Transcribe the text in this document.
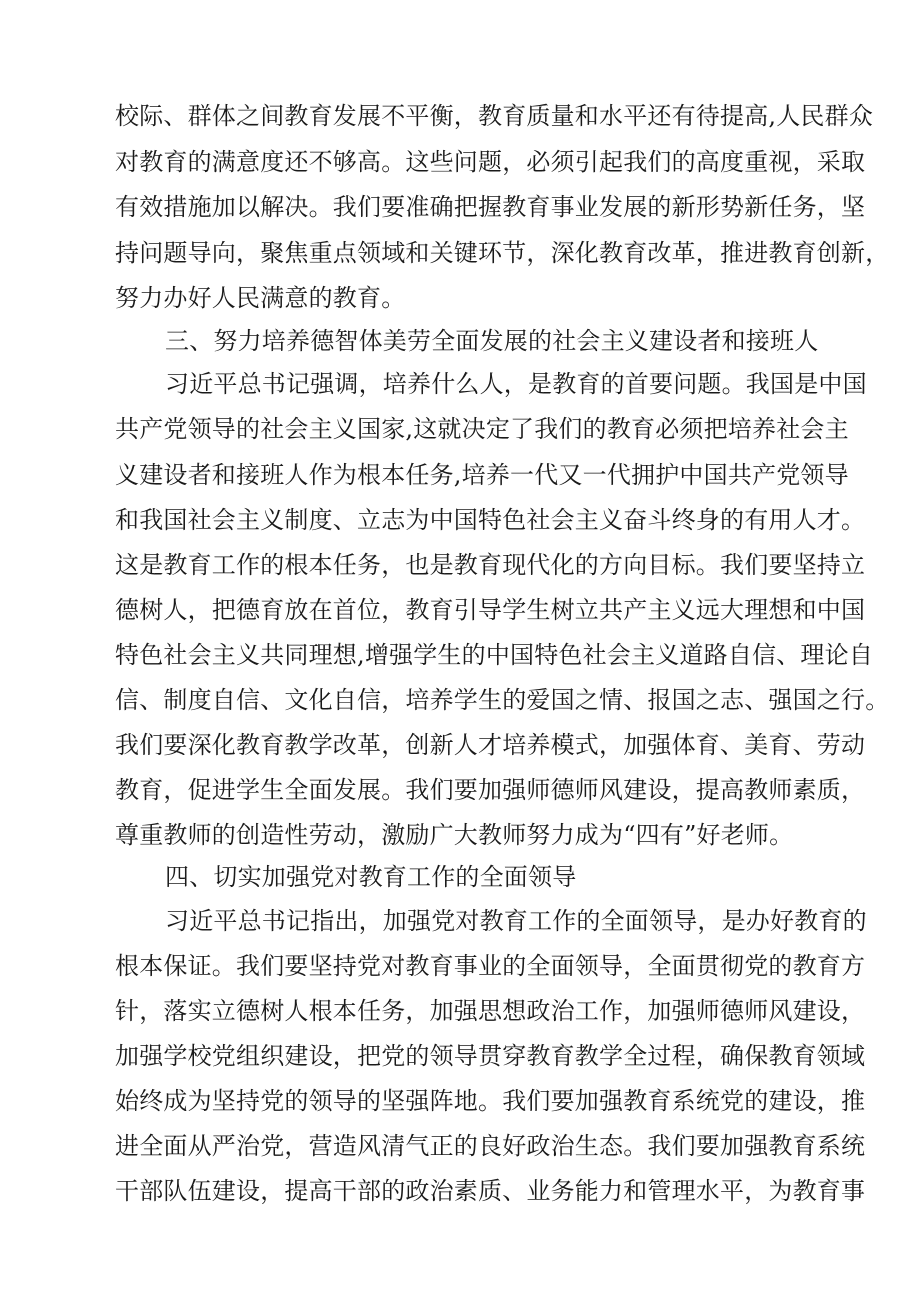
校际、群体之间教育发展不平衡，教育质量和水平还有待提高,人民群众
对教育的满意度还不够高。这些问题，必须引起我们的高度重视，采取
有效措施加以解决。我们要准确把握教育事业发展的新形势新任务，坚
持问题导向，聚焦重点领域和关键环节，深化教育改革，推进教育创新，
努力办好人民满意的教育。
三、努力培养德智体美劳全面发展的社会主义建设者和接班人
习近平总书记强调，培养什么人，是教育的首要问题。我国是中国
共产党领导的社会主义国家,这就决定了我们的教育必须把培养社会主
义建设者和接班人作为根本任务,培养一代又一代拥护中国共产党领导
和我国社会主义制度、立志为中国特色社会主义奋斗终身的有用人才。
这是教育工作的根本任务，也是教育现代化的方向目标。我们要坚持立
德树人，把德育放在首位，教育引导学生树立共产主义远大理想和中国
特色社会主义共同理想,增强学生的中国特色社会主义道路自信、理论自
信、制度自信、文化自信，培养学生的爱国之情、报国之志、强国之行。
我们要深化教育教学改革，创新人才培养模式，加强体育、美育、劳动
教育，促进学生全面发展。我们要加强师德师风建设，提高教师素质，
尊重教师的创造性劳动，激励广大教师努力成为“四有”好老师。
四、切实加强党对教育工作的全面领导
习近平总书记指出，加强党对教育工作的全面领导，是办好教育的
根本保证。我们要坚持党对教育事业的全面领导，全面贯彻党的教育方
针，落实立德树人根本任务，加强思想政治工作，加强师德师风建设，
加强学校党组织建设，把党的领导贯穿教育教学全过程，确保教育领域
始终成为坚持党的领导的坚强阵地。我们要加强教育系统党的建设，推
进全面从严治党，营造风清气正的良好政治生态。我们要加强教育系统
干部队伍建设，提高干部的政治素质、业务能力和管理水平，为教育事
